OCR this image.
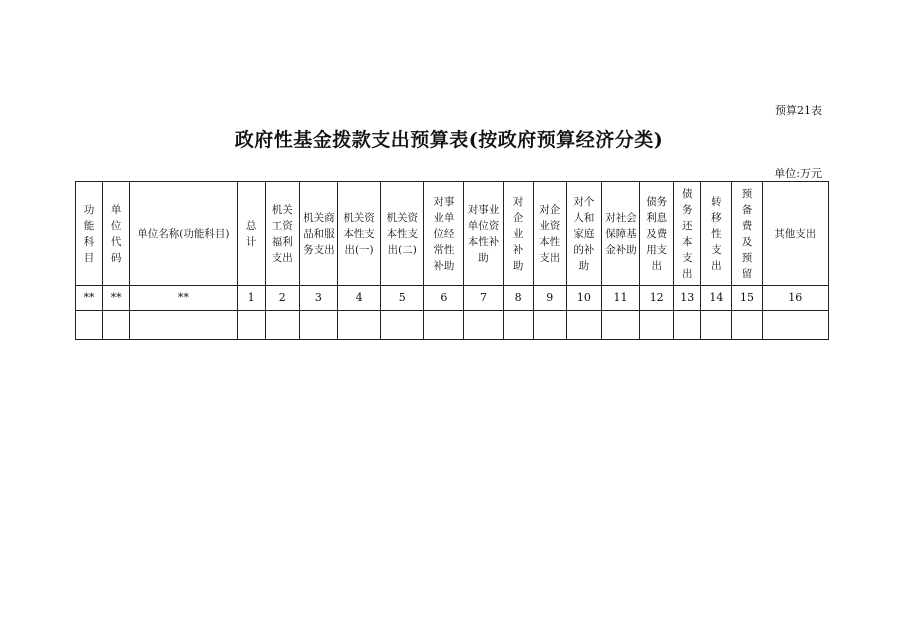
预算21表
政府性基金拨款支出预算表(按政府预算经济分类)
单位:万元
功能科目	单位代码	单位名称(功能科目)	总计	机关工资福利支出	机关商品和服务支出	机关资本性支出(一)	机关资本性支出(二)	对事业单位经常性补助	对事业单位资本性补助	对企业补助	对企业资本性支出	对个人和家庭的补助	对社会保障基金补助	债务利息及费用支出	债务还本支出	转移性支出	预备费及预留	其他支出
**	**	**	1	2	3	4	5	6	7	8	9	10	11	12	13	14	15	16
